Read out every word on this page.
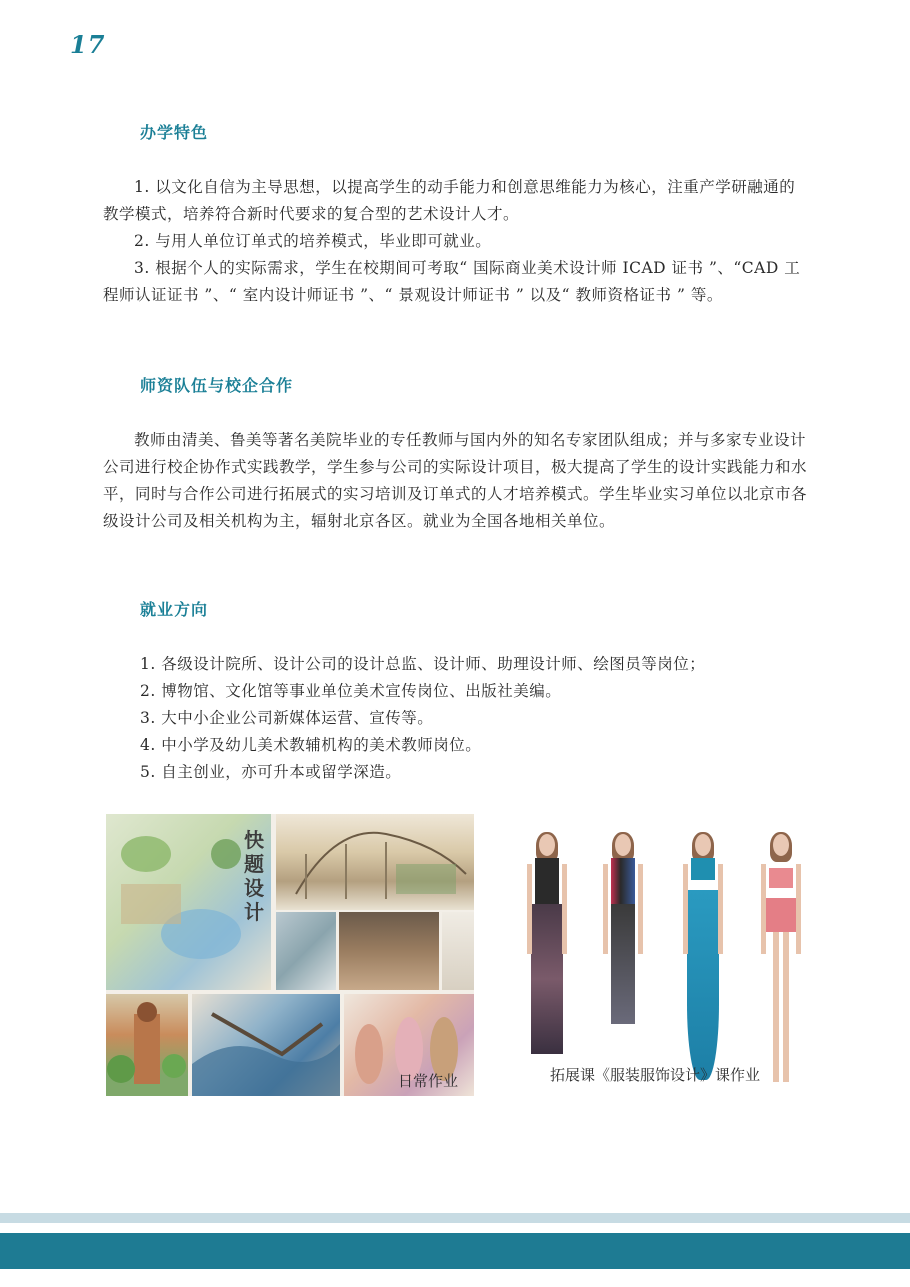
17
办学特色

1. 以文化自信为主导思想，以提高学生的动手能力和创意思维能力为核心，注重产学研融通的教学模式，培养符合新时代要求的复合型的艺术设计人才。

2. 与用人单位订单式的培养模式，毕业即可就业。

3. 根据个人的实际需求，学生在校期间可考取“ 国际商业美术设计师 ICAD 证书 ”、“CAD 工程师认证证书 ”、“ 室内设计师证书 ”、“ 景观设计师证书 ” 以及“ 教师资格证书 ” 等。

师资队伍与校企合作

教师由清美、鲁美等著名美院毕业的专任教师与国内外的知名专家团队组成；并与多家专业设计公司进行校企协作式实践教学，学生参与公司的实际设计项目，极大提高了学生的设计实践能力和水平，同时与合作公司进行拓展式的实习培训及订单式的人才培养模式。学生毕业实习单位以北京市各级设计公司及相关机构为主，辐射北京各区。就业为全国各地相关单位。

就业方向
1. 各级设计院所、设计公司的设计总监、设计师、助理设计师、绘图员等岗位；
2. 博物馆、文化馆等事业单位美术宣传岗位、出版社美编。
3. 大中小企业公司新媒体运营、宣传等。
4. 中小学及幼儿美术教辅机构的美术教师岗位。
5. 自主创业，亦可升本或留学深造。
快题设计
日常作业	拓展课《服装服饰设计》课作业
